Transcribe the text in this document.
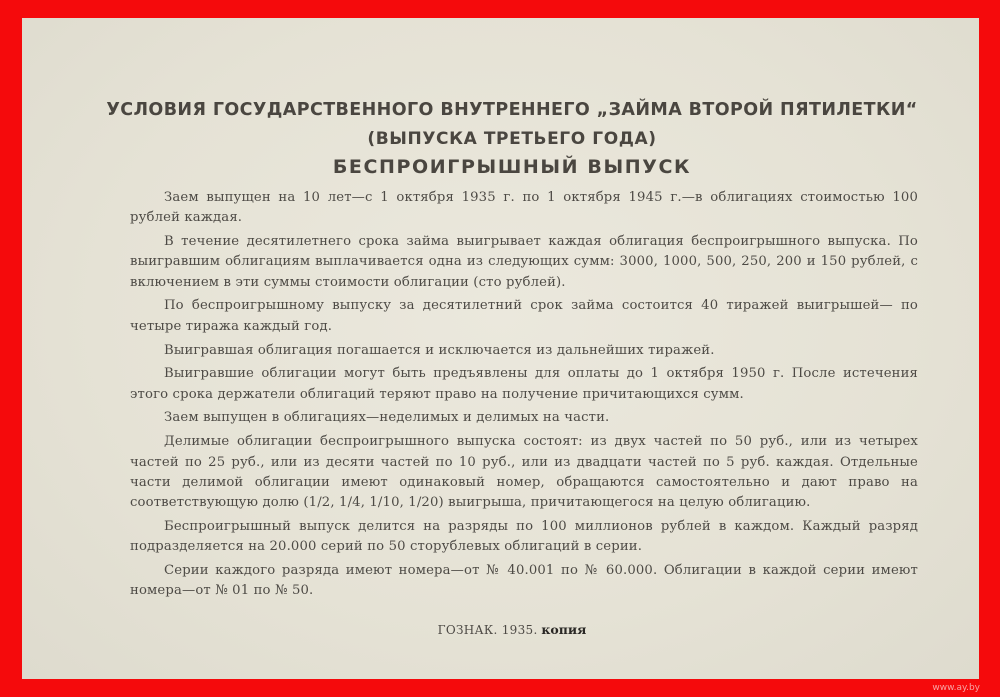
УСЛОВИЯ ГОСУДАРСТВЕННОГО ВНУТРЕННЕГО „ЗАЙМА ВТОРОЙ ПЯТИЛЕТКИ“
(ВЫПУСКА ТРЕТЬЕГО ГОДА)
БЕСПРОИГРЫШНЫЙ ВЫПУСК

Заем выпущен на 10 лет—с 1 октября 1935 г. по 1 октября 1945 г.—в облигациях стоимостью 100 рублей каждая.

В течение десятилетнего срока займа выигрывает каждая облигация беспроигрышного выпуска. По выигравшим облигациям выплачивается одна из следующих сумм: 3000, 1000, 500, 250, 200 и 150 рублей, с включением в эти суммы стоимости облигации (сто рублей).

По беспроигрышному выпуску за десятилетний срок займа состоится 40 тиражей выигрышей— по четыре тиража каждый год.

Выигравшая облигация погашается и исключается из дальнейших тиражей.

Выигравшие облигации могут быть предъявлены для оплаты до 1 октября 1950 г. После истечения этого срока держатели облигаций теряют право на получение причитающихся сумм.

Заем выпущен в облигациях—неделимых и делимых на части.

Делимые облигации беспроигрышного выпуска состоят: из двух частей по 50 руб., или из четырех частей по 25 руб., или из десяти частей по 10 руб., или из двадцати частей по 5 руб. каждая. Отдельные части делимой облигации имеют одинаковый номер, обращаются самостоятельно и дают право на соответствующую долю (1/2, 1/4, 1/10, 1/20) выигрыша, причитающегося на целую облигацию.

Беспроигрышный выпуск делится на разряды по 100 миллионов рублей в каждом. Каждый разряд подразделяется на 20.000 серий по 50 сторублевых облигаций в серии.

Серии каждого разряда имеют номера—от № 40.001 по № 60.000. Облигации в каждой серии имеют номера—от № 01 по № 50.

ГОЗНАК. 1935. копия
www.ay.by
